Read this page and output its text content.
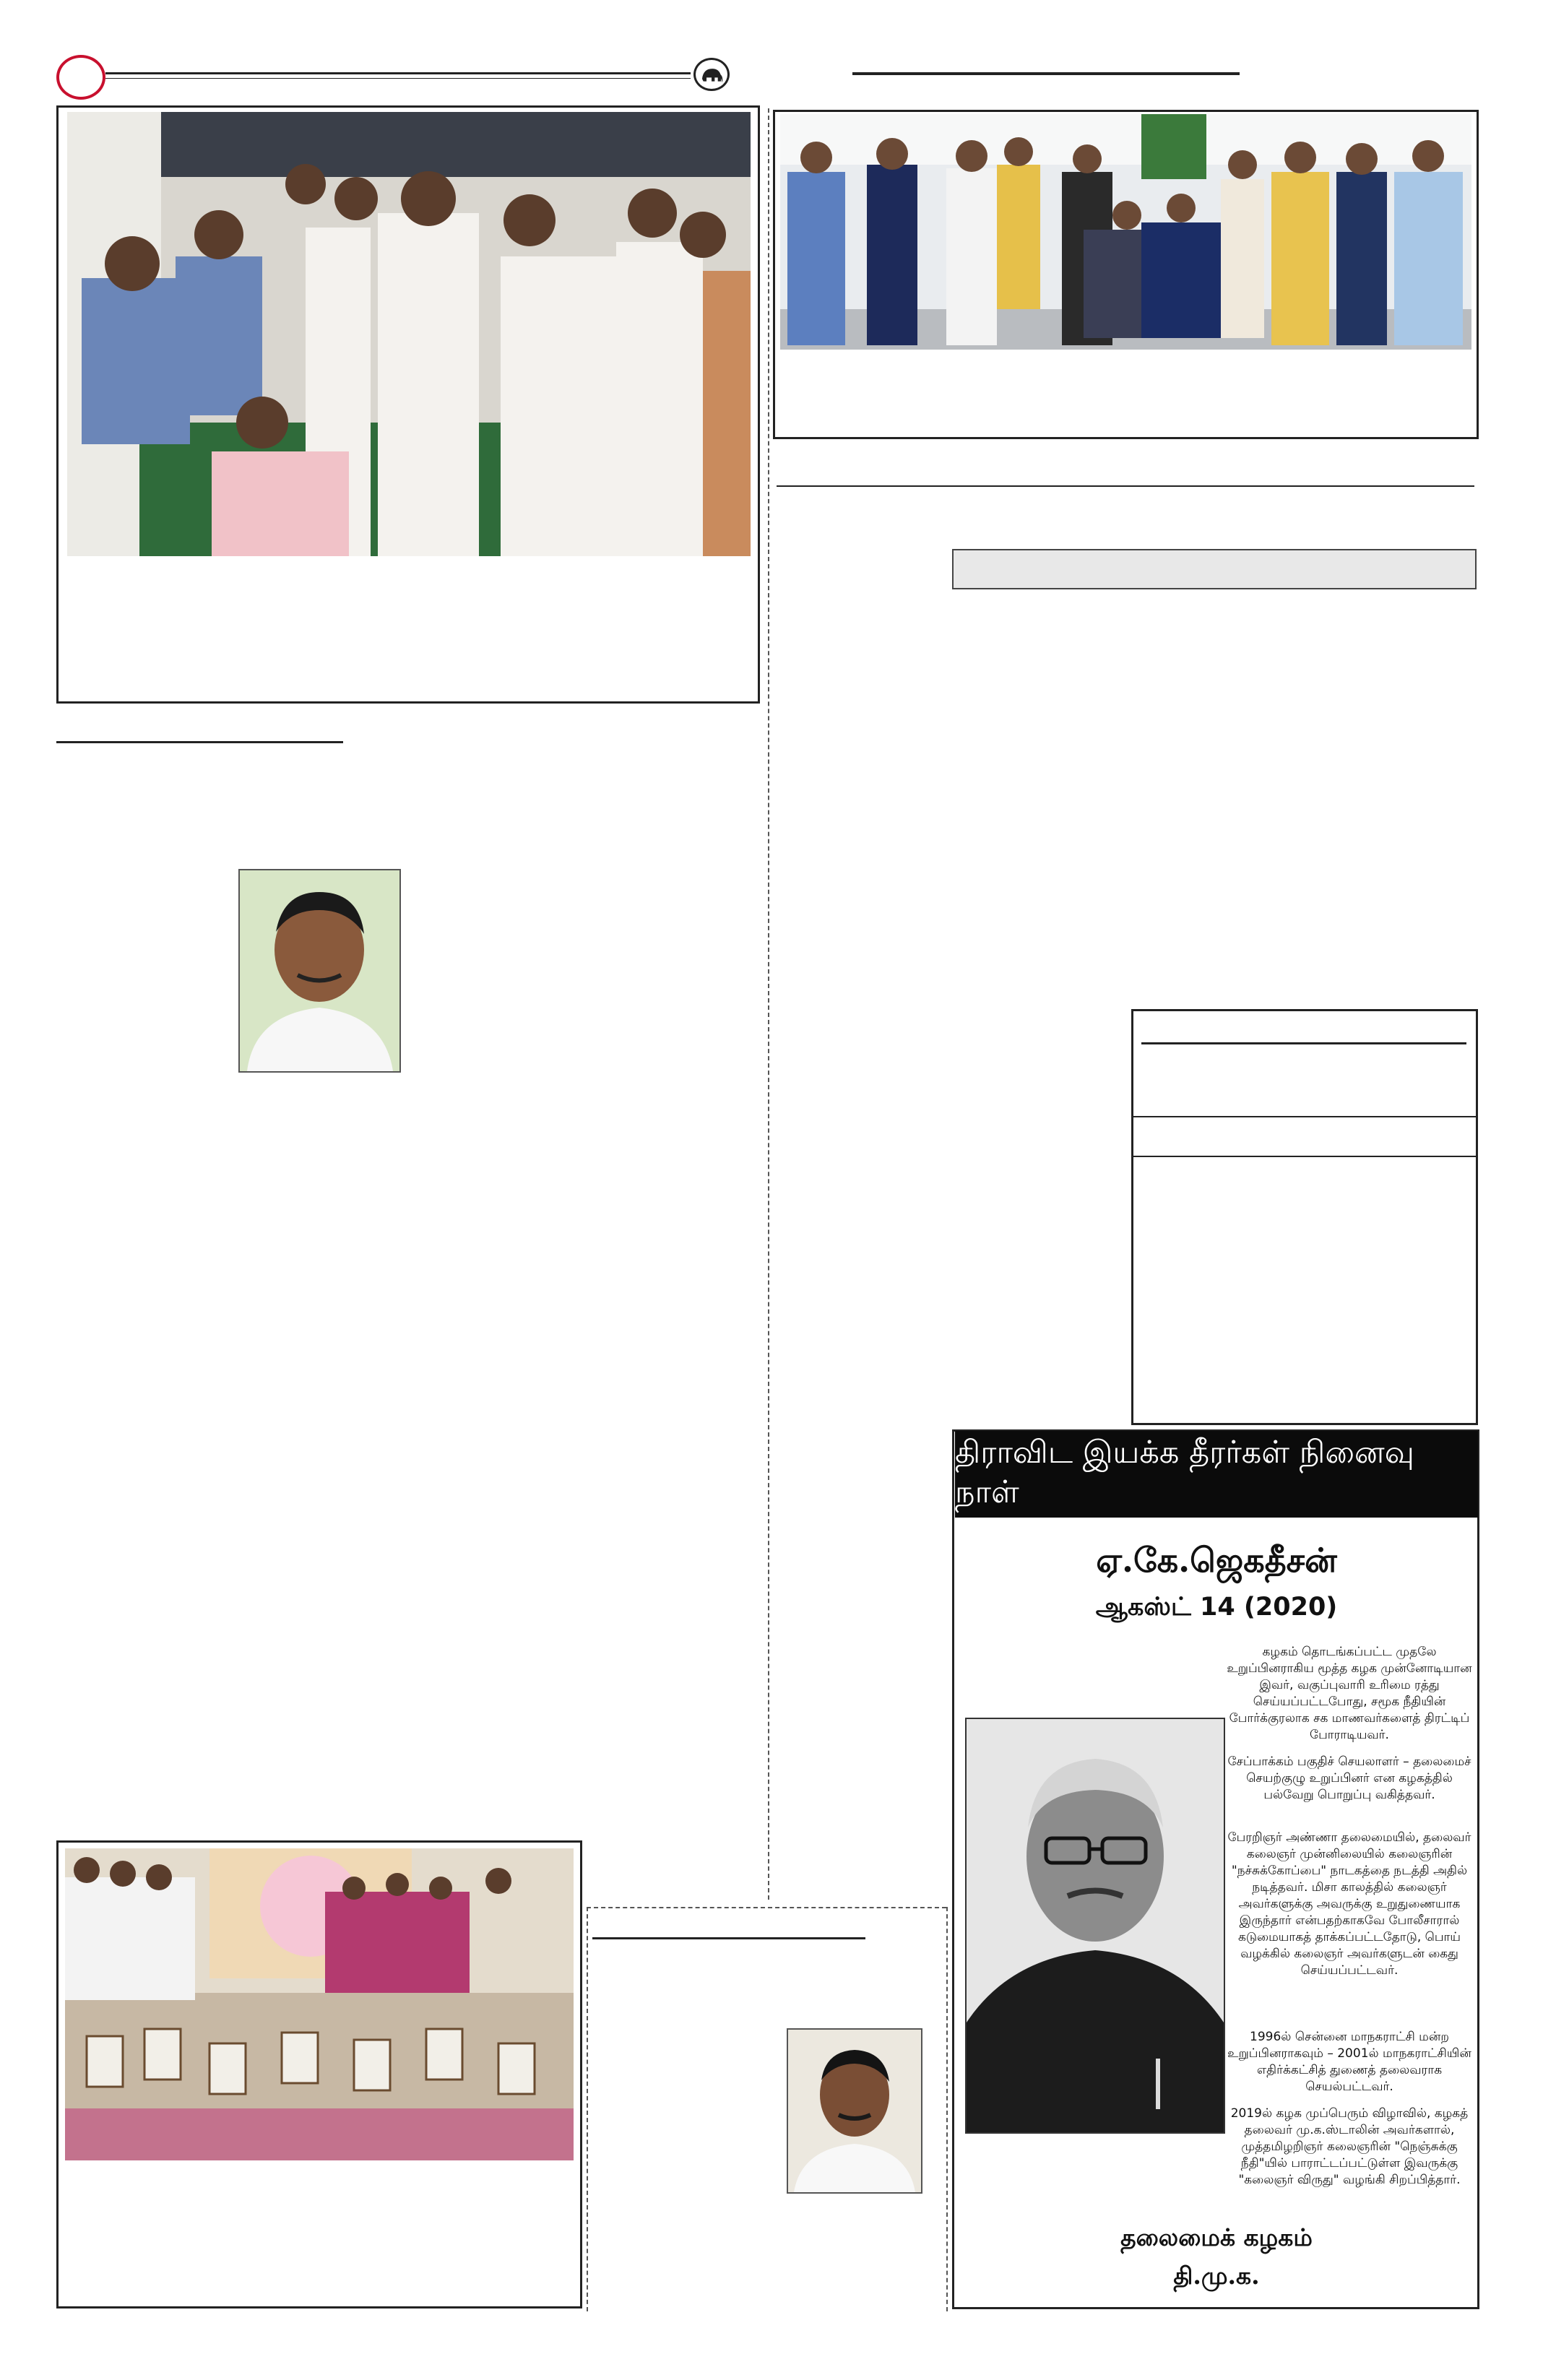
திராவிட இயக்க தீரர்கள் நினைவு நாள்
ஏ.கே.ஜெகதீசன்
ஆகஸ்ட் 14 (2020)
கழகம் தொடங்கப்பட்ட முதலே உறுப்பினராகிய மூத்த கழக முன்னோடியான இவர், வகுப்புவாரி உரிமை ரத்து செய்யப்பட்டபோது, சமூக நீதியின் போர்க்குரலாக சக மாணவர்களைத் திரட்டிப் போராடியவர்.
சேப்பாக்கம் பகுதிச் செயலாளர் – தலைமைச் செயற்குழு உறுப்பினர் என கழகத்தில் பல்வேறு பொறுப்பு வகித்தவர்.
பேரறிஞர் அண்ணா தலைமையில், தலைவர் கலைஞர் முன்னிலையில் கலைஞரின் "நச்சுக்கோப்பை" நாடகத்தை நடத்தி அதில் நடித்தவர். மிசா காலத்தில் கலைஞர் அவர்களுக்கு அவருக்கு உறுதுணையாக இருந்தார் என்பதற்காகவே போலீசாரால் கடுமையாகத் தாக்கப்பட்டதோடு, பொய் வழக்கில் கலைஞர் அவர்களுடன் கைது செய்யப்பட்டவர்.
1996ல் சென்னை மாநகராட்சி மன்ற உறுப்பினராகவும் – 2001ல் மாநகராட்சியின் எதிர்க்கட்சித் துணைத் தலைவராக செயல்பட்டவர்.
2019ல் கழக முப்பெரும் விழாவில், கழகத் தலைவர் மு.க.ஸ்டாலின் அவர்களால், முத்தமிழறிஞர் கலைஞரின் "நெஞ்சுக்கு நீதி"யில் பாராட்டப்பட்டுள்ள இவருக்கு "கலைஞர் விருது" வழங்கி சிறப்பித்தார்.
தலைமைக் கழகம்
தி.மு.க.
